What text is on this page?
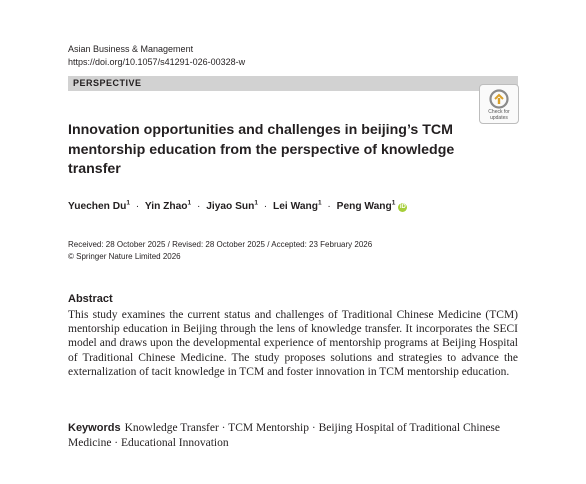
Asian Business & Management
https://doi.org/10.1057/s41291-026-00328-w
PERSPECTIVE
Check for
updates
Innovation opportunities and challenges in beijing’s TCM mentorship education from the perspective of knowledge transfer
Yuechen $Du^1$ · Yin Zhao$^1$ · Jiyao Sun$^1$ · Lei Wang$^1$ · Peng Wang$^1$iD
Received: 28 October 2025 / Revised: 28 October 2025 / Accepted: 23 February 2026
© Springer Nature Limited 2026
Abstract
This study examines the current status and challenges of Traditional Chinese Medicine (TCM) mentorship education in Beijing through the lens of knowledge transfer. It incorporates the SECI model and draws upon the developmental experience of mentorship programs at Beijing Hospital of Traditional Chinese Medicine. The study proposes solutions and strategies to advance the externalization of tacit knowledge in TCM and foster innovation in TCM mentorship education.
Keywords Knowledge Transfer · TCM Mentorship · Beijing Hospital of Traditional Chinese Medicine · Educational Innovation
